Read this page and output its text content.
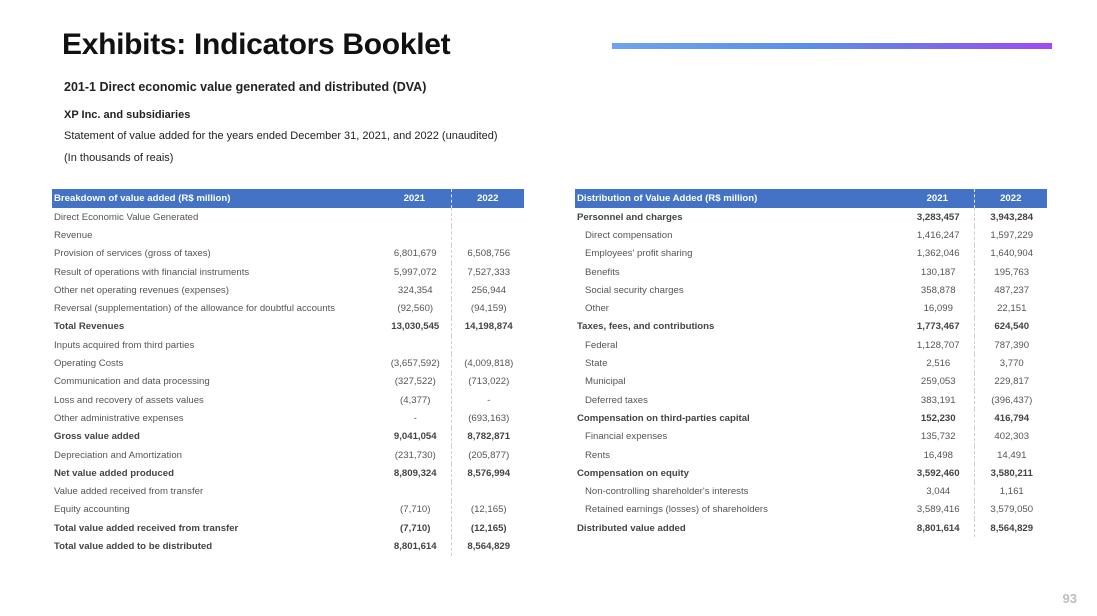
Exhibits: Indicators Booklet
201-1 Direct economic value generated and distributed (DVA)
XP Inc. and subsidiaries
Statement of value added for the years ended December 31, 2021, and 2022 (unaudited)
(In thousands of reais)
Breakdown of value added (R$ million)	2021	2022
Direct Economic Value Generated		
Revenue		
Provision of services (gross of taxes)	6,801,679	6,508,756
Result of operations with financial instruments	5,997,072	7,527,333
Other net operating revenues (expenses)	324,354	256,944
Reversal (supplementation) of the allowance for doubtful accounts	(92,560)	(94,159)
Total Revenues	13,030,545	14,198,874
Inputs acquired from third parties		
Operating Costs	(3,657,592)	(4,009,818)
Communication and data processing	(327,522)	(713,022)
Loss and recovery of assets values	(4,377)	-
Other administrative expenses	-	(693,163)
Gross value added	9,041,054	8,782,871
Depreciation and Amortization	(231,730)	(205,877)
Net value added produced	8,809,324	8,576,994
Value added received from transfer		
Equity accounting	(7,710)	(12,165)
Total value added received from transfer	(7,710)	(12,165)
Total value added to be distributed	8,801,614	8,564,829
Distribution of Value Added (R$ million)	2021	2022
Personnel and charges	3,283,457	3,943,284
Direct compensation	1,416,247	1,597,229
Employees' profit sharing	1,362,046	1,640,904
Benefits	130,187	195,763
Social security charges	358,878	487,237
Other	16,099	22,151
Taxes, fees, and contributions	1,773,467	624,540
Federal	1,128,707	787,390
State	2,516	3,770
Municipal	259,053	229,817
Deferred taxes	383,191	(396,437)
Compensation on third-parties capital	152,230	416,794
Financial expenses	135,732	402,303
Rents	16,498	14,491
Compensation on equity	3,592,460	3,580,211
Non-controlling shareholder's interests	3,044	1,161
Retained earnings (losses) of shareholders	3,589,416	3,579,050
Distributed value added	8,801,614	8,564,829
93
